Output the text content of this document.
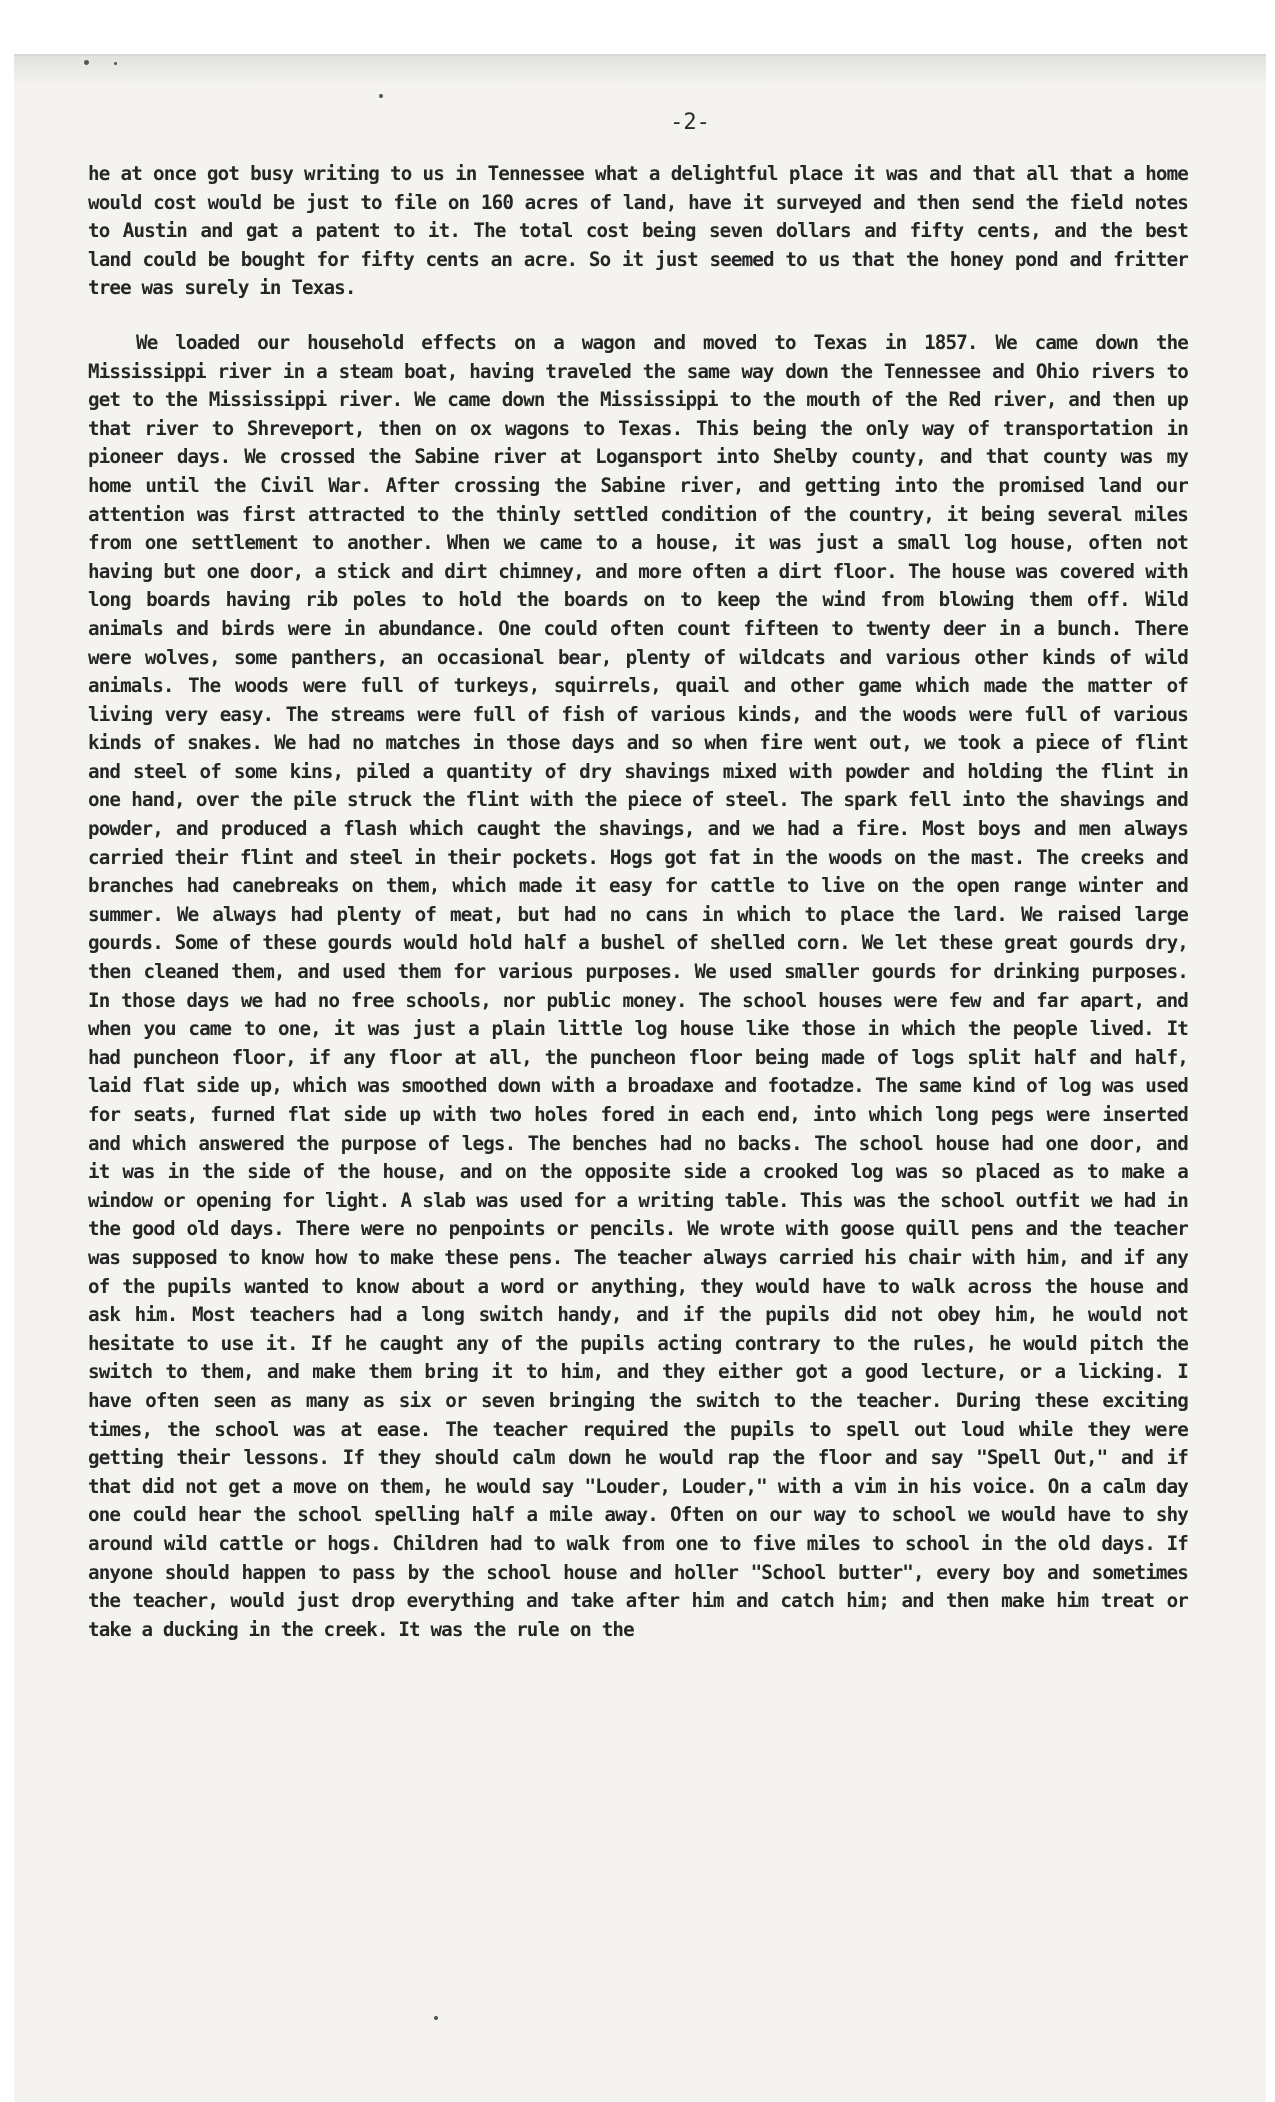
-2-

he at once got busy writing to us in Tennessee what a delightful place it was and that all that a home would cost would be just to file on 160 acres of land, have it surveyed and then send the field notes to Austin and gat a patent to it. The total cost being seven dollars and fifty cents, and the best land could be bought for fifty cents an acre. So it just seemed to us that the honey pond and fritter tree was surely in Texas.

We loaded our household effects on a wagon and moved to Texas in 1857. We came down the Mississippi river in a steam boat, having traveled the same way down the Tennessee and Ohio rivers to get to the Mississippi river. We came down the Mississippi to the mouth of the Red river, and then up that river to Shreveport, then on ox wagons to Texas. This being the only way of transportation in pioneer days. We crossed the Sabine river at Logansport into Shelby county, and that county was my home until the Civil War. After crossing the Sabine river, and getting into the promised land our attention was first attracted to the thinly settled condition of the country, it being several miles from one settlement to another. When we came to a house, it was just a small log house, often not having but one door, a stick and dirt chimney, and more often a dirt floor. The house was covered with long boards having rib poles to hold the boards on to keep the wind from blowing them off. Wild animals and birds were in abundance. One could often count fifteen to twenty deer in a bunch. There were wolves, some panthers, an occasional bear, plenty of wildcats and various other kinds of wild animals. The woods were full of turkeys, squirrels, quail and other game which made the matter of living very easy. The streams were full of fish of various kinds, and the woods were full of various kinds of snakes. We had no matches in those days and so when fire went out, we took a piece of flint and steel of some kins, piled a quantity of dry shavings mixed with powder and holding the flint in one hand, over the pile struck the flint with the piece of steel. The spark fell into the shavings and powder, and produced a flash which caught the shavings, and we had a fire. Most boys and men always carried their flint and steel in their pockets. Hogs got fat in the woods on the mast. The creeks and branches had canebreaks on them, which made it easy for cattle to live on the open range winter and summer. We always had plenty of meat, but had no cans in which to place the lard. We raised large gourds. Some of these gourds would hold half a bushel of shelled corn. We let these great gourds dry, then cleaned them, and used them for various purposes. We used smaller gourds for drinking purposes. In those days we had no free schools, nor public money. The school houses were few and far apart, and when you came to one, it was just a plain little log house like those in which the people lived. It had puncheon floor, if any floor at all, the puncheon floor being made of logs split half and half, laid flat side up, which was smoothed down with a broadaxe and footadze. The same kind of log was used for seats, furned flat side up with two holes fored in each end, into which long pegs were inserted and which answered the purpose of legs. The benches had no backs. The school house had one door, and it was in the side of the house, and on the opposite side a crooked log was so placed as to make a window or opening for light. A slab was used for a writing table. This was the school outfit we had in the good old days. There were no penpoints or pencils. We wrote with goose quill pens and the teacher was supposed to know how to make these pens. The teacher always carried his chair with him, and if any of the pupils wanted to know about a word or anything, they would have to walk across the house and ask him. Most teachers had a long switch handy, and if the pupils did not obey him, he would not hesitate to use it. If he caught any of the pupils acting contrary to the rules, he would pitch the switch to them, and make them bring it to him, and they either got a good lecture, or a licking. I have often seen as many as six or seven bringing the switch to the teacher. During these exciting times, the school was at ease. The teacher required the pupils to spell out loud while they were getting their lessons. If they should calm down he would rap the floor and say "Spell Out," and if that did not get a move on them, he would say "Louder, Louder," with a vim in his voice. On a calm day one could hear the school spelling half a mile away. Often on our way to school we would have to shy around wild cattle or hogs. Children had to walk from one to five miles to school in the old days. If anyone should happen to pass by the school house and holler "School butter", every boy and sometimes the teacher, would just drop everything and take after him and catch him; and then make him treat or take a ducking in the creek. It was the rule on the
